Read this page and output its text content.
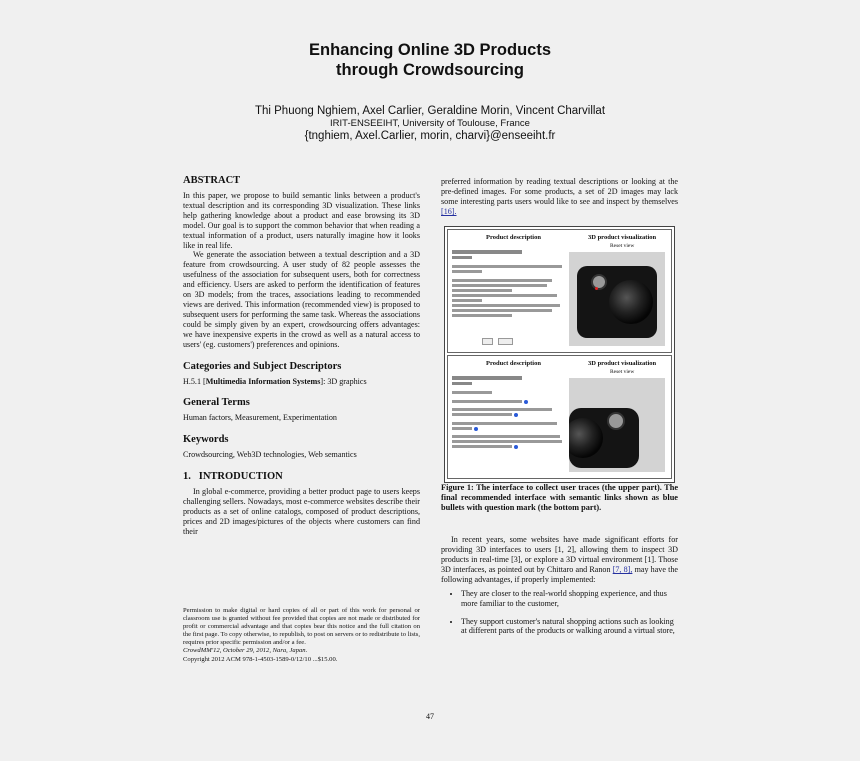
Enhancing Online 3D Products
through Crowdsourcing
Thi Phuong Nghiem, Axel Carlier, Geraldine Morin, Vincent Charvillat
IRIT-ENSEEIHT, University of Toulouse, France
{tnghiem, Axel.Carlier, morin, charvi}@enseeiht.fr
ABSTRACT

In this paper, we propose to build semantic links between a product's textual description and its corresponding 3D visualization. These links help gathering knowledge about a product and ease browsing its 3D model. Our goal is to support the common behavior that when reading a textual information of a product, users naturally imagine how it looks like in real life.

We generate the association between a textual description and a 3D feature from crowdsourcing. A user study of 82 people assesses the usefulness of the association for subsequent users, both for correctness and efficiency. Users are asked to perform the identification of features on 3D models; from the traces, associations leading to recommended views are derived. This information (recommended view) is proposed to subsequent users for performing the same task. Whereas the associations could be simply given by an expert, crowdsourcing offers advantages: we have inexpensive experts in the crowd as well as a natural access to users' (eg. customers') preferences and opinions.

Categories and Subject Descriptors

H.5.1 [Multimedia Information Systems]: 3D graphics

General Terms

Human factors, Measurement, Experimentation

Keywords

Crowdsourcing, Web3D technologies, Web semantics

1.   INTRODUCTION

In global e-commerce, providing a better product page to users keeps challenging sellers. Nowadays, most e-commerce websites describe their products as a set of online catalogs, composed of product descriptions, prices and 2D images/pictures of the objects where customers can find their

Permission to make digital or hard copies of all or part of this work for personal or classroom use is granted without fee provided that copies are not made or distributed for profit or commercial advantage and that copies bear this notice and the full citation on the first page. To copy otherwise, to republish, to post on servers or to redistribute to lists, requires prior specific permission and/or a fee.

CrowdMM'12, October 29, 2012, Nara, Japan.

Copyright 2012 ACM 978-1-4503-1589-0/12/10 ...$15.00.

preferred information by reading textual descriptions or looking at the pre-defined images. For some products, a set of 2D images may lack some interesting parts users would like to see and inspect by themselves [16].

Figure 1: The interface to collect user traces (the upper part). The final recommended interface with semantic links shown as blue bullets with question mark (the bottom part).

In recent years, some websites have made significant efforts for providing 3D interfaces to users [1, 2], allowing them to inspect 3D products in real-time [3], or explore a 3D virtual environment [1]. Those 3D interfaces, as pointed out by Chittaro and Ranon [7, 8], may have the following advantages, if properly implemented:

• They are closer to the real-world shopping experience, and thus more familiar to the customer,
• They support customer's natural shopping actions such as looking at different parts of the products or walking around a virtual store,
Product description	3D product visualization
Reset view

Product description	3D product visualization
Reset view
47
